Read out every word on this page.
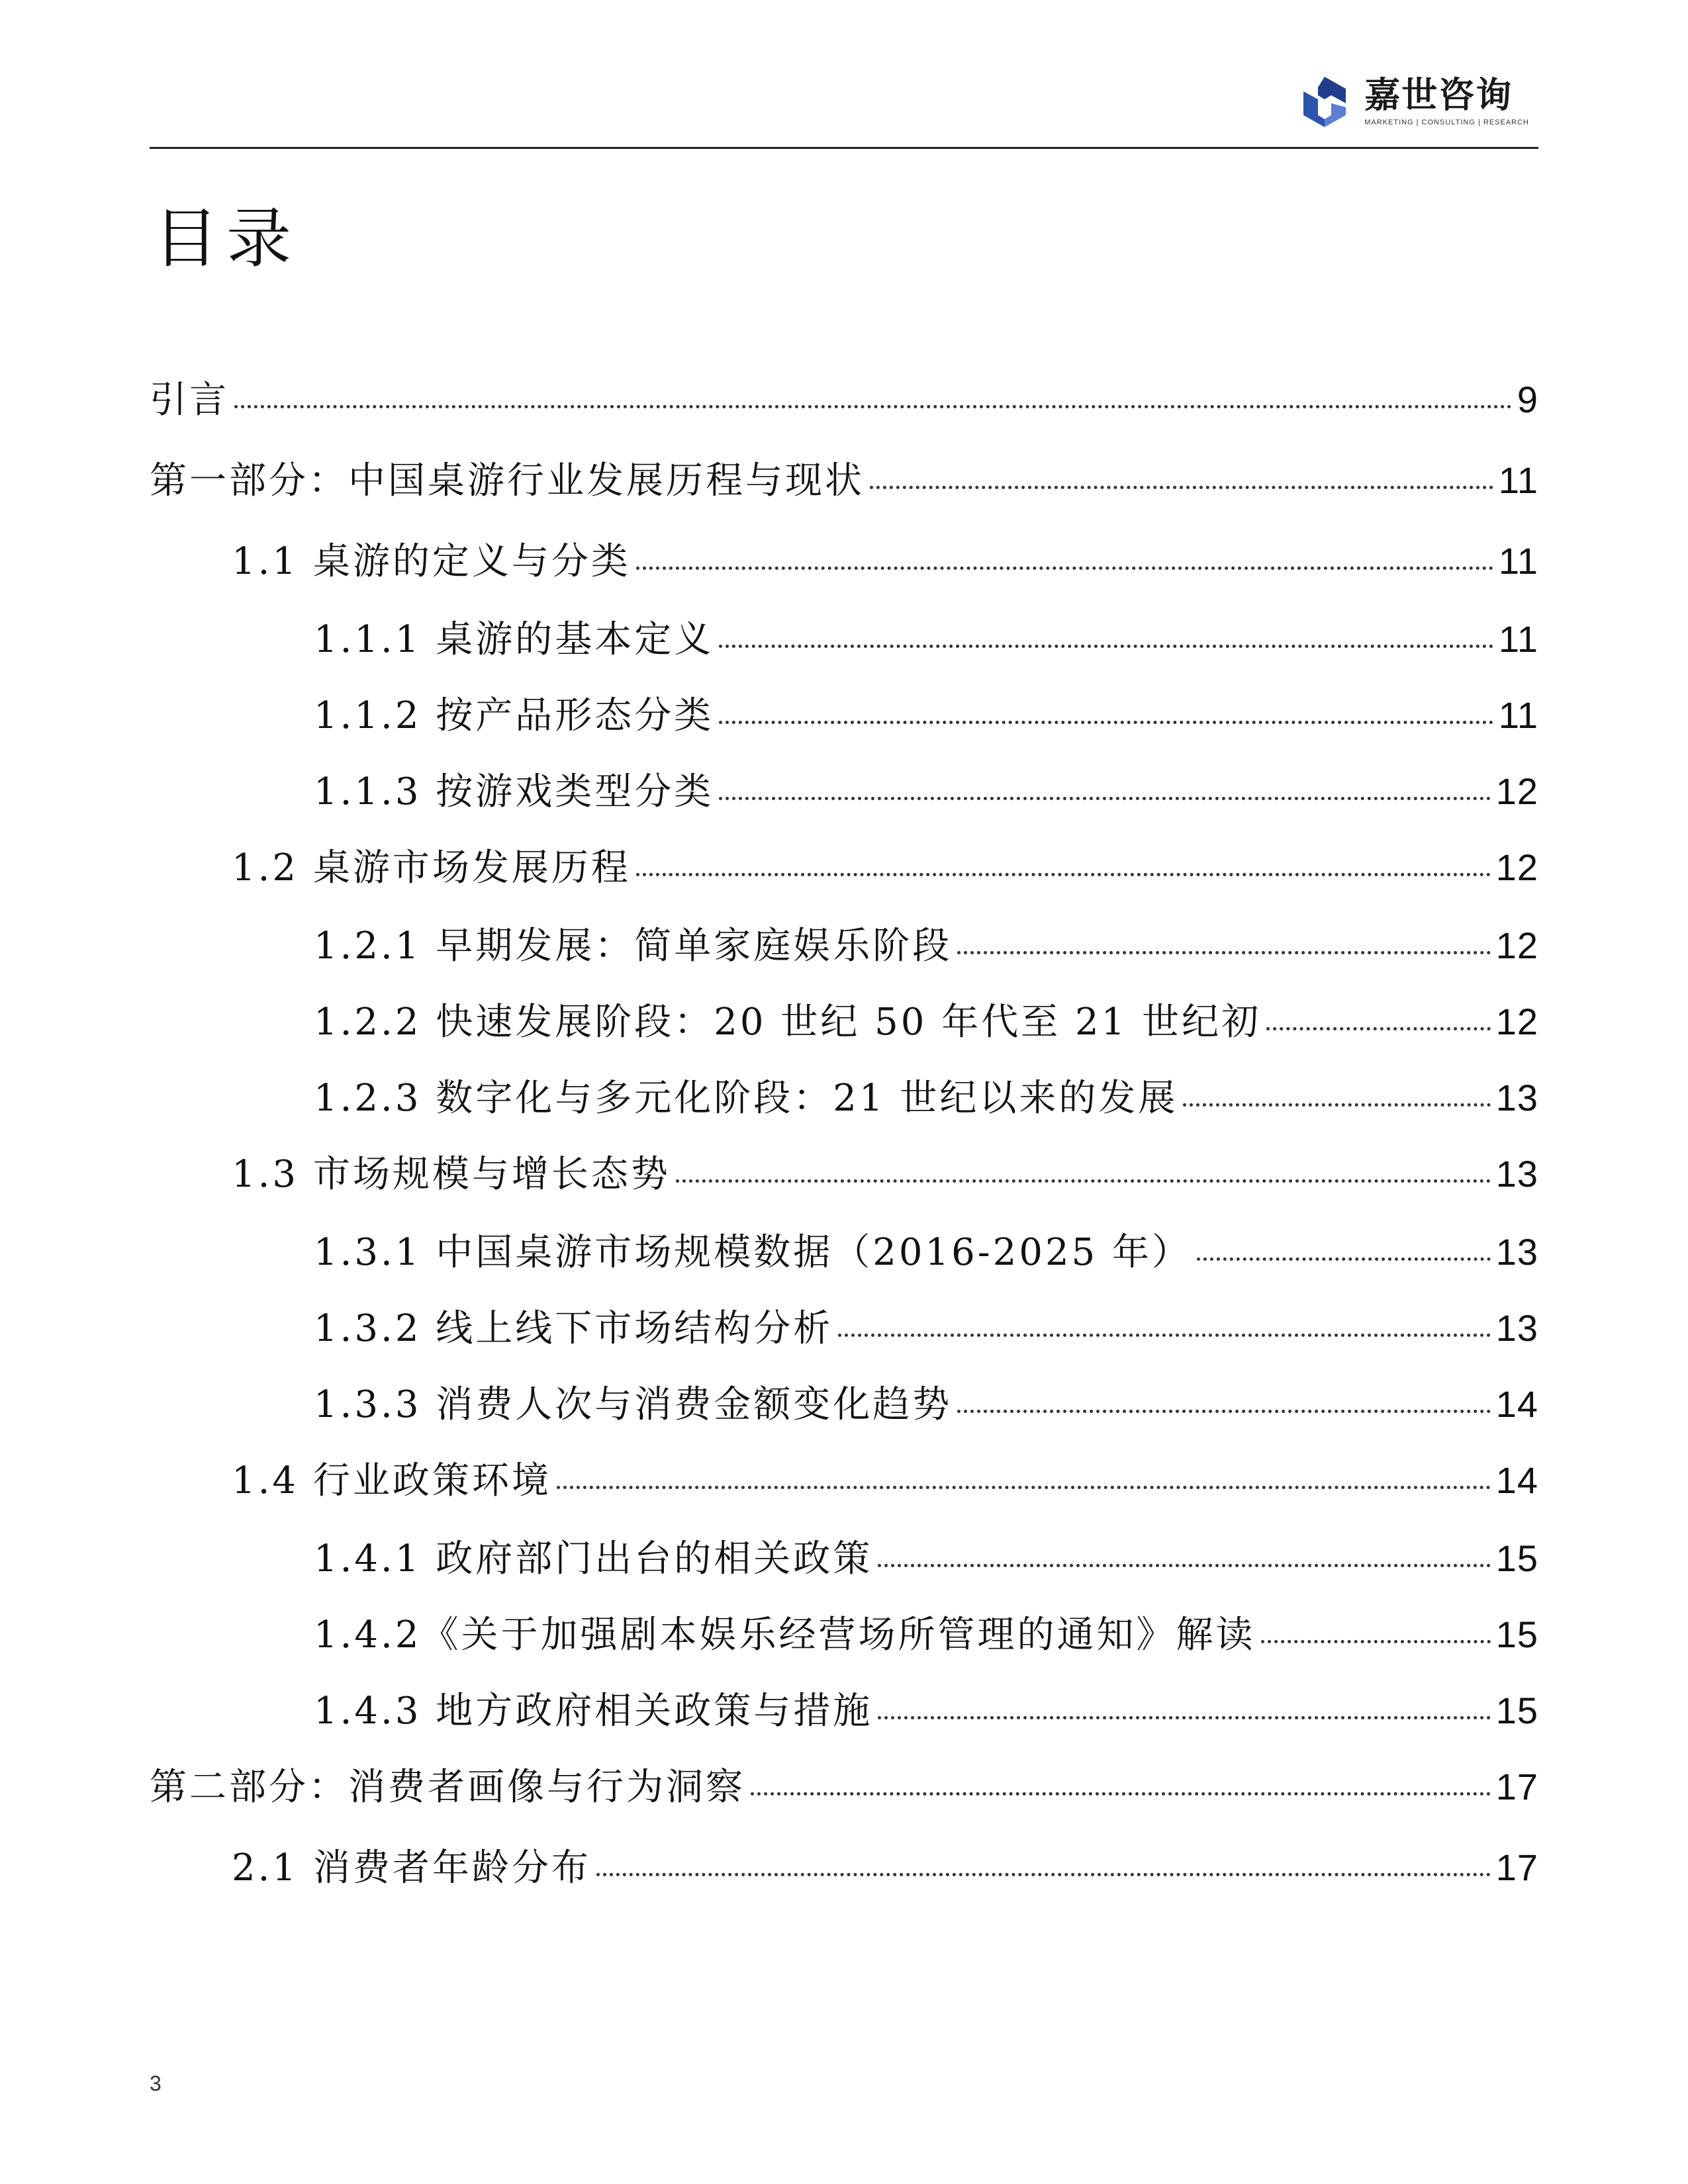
嘉世咨询
MARKETING | CONSULTING | RESEARCH
目录
引言	9
第一部分：中国桌游行业发展历程与现状	11
1.1 桌游的定义与分类	11
1.1.1 桌游的基本定义	11
1.1.2 按产品形态分类	11
1.1.3 按游戏类型分类	12
1.2 桌游市场发展历程	12
1.2.1 早期发展：简单家庭娱乐阶段	12
1.2.2 快速发展阶段：20 世纪 50 年代至 21 世纪初	12
1.2.3 数字化与多元化阶段：21 世纪以来的发展	13
1.3 市场规模与增长态势	13
1.3.1 中国桌游市场规模数据（2016-2025 年）	13
1.3.2 线上线下市场结构分析	13
1.3.3 消费人次与消费金额变化趋势	14
1.4 行业政策环境	14
1.4.1 政府部门出台的相关政策	15
1.4.2《关于加强剧本娱乐经营场所管理的通知》解读	15
1.4.3 地方政府相关政策与措施	15
第二部分：消费者画像与行为洞察	17
2.1 消费者年龄分布	17
3
